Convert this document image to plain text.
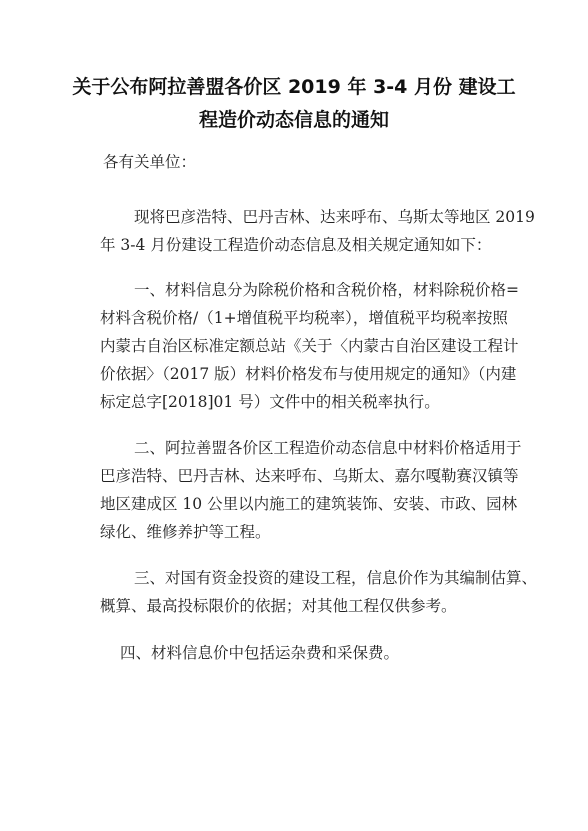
关于公布阿拉善盟各价区 2019 年 3-4 月份 建设工
程造价动态信息的通知
各有关单位：
现将巴彦浩特、巴丹吉林、达来呼布、乌斯太等地区 2019
年 3-4 月份建设工程造价动态信息及相关规定通知如下：
一、材料信息分为除税价格和含税价格，材料除税价格=
材料含税价格/（1+增值税平均税率），增值税平均税率按照
内蒙古自治区标准定额总站《关于〈内蒙古自治区建设工程计
价依据〉（2017 版）材料价格发布与使用规定的通知》（内建
标定总字[2018]01 号）文件中的相关税率执行。
二、阿拉善盟各价区工程造价动态信息中材料价格适用于
巴彦浩特、巴丹吉林、达来呼布、乌斯太、嘉尔嘎勒赛汉镇等
地区建成区 10 公里以内施工的建筑装饰、安装、市政、园林
绿化、维修养护等工程。
三、对国有资金投资的建设工程，信息价作为其编制估算、
概算、最高投标限价的依据；对其他工程仅供参考。
四、材料信息价中包括运杂费和采保费。
